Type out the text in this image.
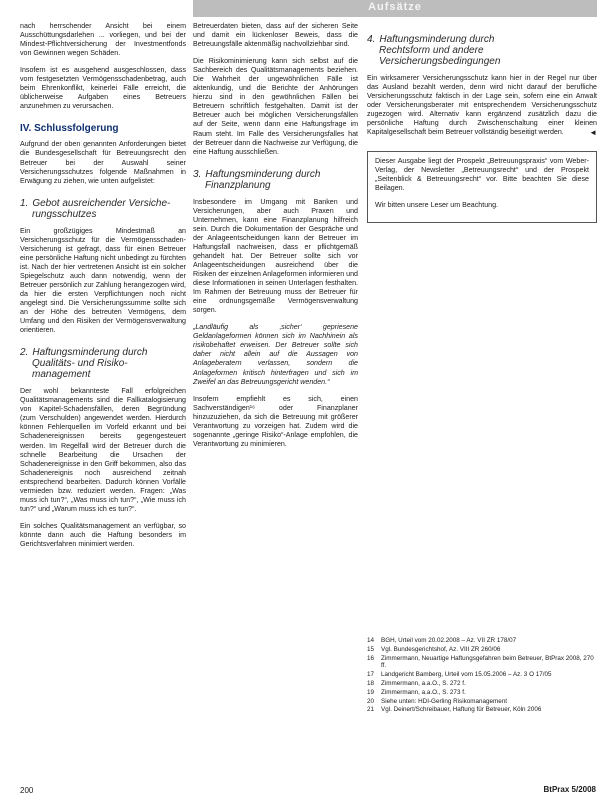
Aufsätze

nach herrschender Ansicht bei einem Ausschüttungsdarlehen ... vorliegen, und bei der Mindest-Pflichtversicherung der Investmentfonds von Gewinnen wegen Schäden.

Insofern ist es ausgehend ausgeschlossen, dass vom festgesetzten Vermögensschadenbetrag, auch beim Ehrenkonflikt, keinerlei Fälle erreicht, die üblicherweise Aufgaben eines Betreuers anzunehmen zu verursachen.

IV. Schlussfolgerung

Aufgrund der oben genannten Anforderungen bietet die Bundesgesellschaft für Betreuungsrecht den Betreuer bei der Auswahl seiner Versicherungsschutzes folgende Maßnahmen in Erwägung zu ziehen, wie unten aufgelistet:

1. Gebot ausreichender Versiche-
rungsschutzes

Ein großzügiges Mindestmaß an Versicherungsschutz für die Vermögensschaden-Versicherung ist gefragt, dass für einen Betreuer eine persönliche Haftung nicht unbedingt zu fürchten ist. Nach der hier vertretenen Ansicht ist ein solcher Spiegelschutz auch dann notwendig, wenn der Betreuer persönlich zur Zahlung herangezogen wird, da hier die ersten Verpflichtungen noch nicht angelegt sind. Die Versicherungssumme sollte sich an der Höhe des betreuten Vermögens, dem Umfang und den Risiken der Vermögensverwaltung orientieren.

2. Haftungsminderung durch
Qualitäts- und Risiko-
management

Der wohl bekannteste Fall erfolgreichen Qualitätsmanagements sind die Fallkatalogisierung von Kapitel-Schadensfällen, deren Begründung (zum Verschulden) angewendet werden. Hierdurch können Fehlerquellen im Vorfeld erkannt und bei Schadenereignissen bereits gegengesteuert werden. Im Regelfall wird der Betreuer durch die schnelle Bearbeitung die Ursachen der Schadenereignisse in den Griff bekommen, also das Schadenereignis noch ausreichend zeitnah entsprechend bearbeiten. Dadurch können Vorfälle vermieden bzw. reduziert werden. Fragen: „Was muss ich tun?“, „Was muss ich tun?“, „Wie muss ich tun?“ und „Warum muss ich es tun?“.

Ein solches Qualitätsmanagement an verfügbar, so könnte dann auch die Haftung besonders im Gerichtsverfahren minimiert werden.

Betreuerdaten bieten, dass auf der sicheren Seite und damit ein lückenloser Beweis, dass die Betreuungsfälle aktenmäßig nachvollziehbar sind.

Die Risikominimierung kann sich selbst auf die Sachbereich des Qualitätsmanagements beziehen. Die Wahrheit der ungewöhnlichen Fälle ist aktenkundig, und die Berichte der Anhörungen hierzu sind in den gewöhnlichen Fällen bei Betreuern schriftlich festgehalten. Damit ist der Betreuer auch bei möglichen Versicherungsfällen auf der Seite, wenn dann eine Haftungsfrage im Raum steht. Im Falle des Versicherungsfalles hat der Betreuer dann die Nachweise zur Verfügung, die eine Haftung ausschließen.

3. Haftungsminderung durch
Finanzplanung

Insbesondere im Umgang mit Banken und Versicherungen, aber auch Praxen und Unternehmen, kann eine Finanzplanung hilfreich sein. Durch die Dokumentation der Gespräche und der Anlageentscheidungen kann der Betreuer im Haftungsfall nachweisen, dass er pflichtgemäß gehandelt hat. Der Betreuer sollte sich vor Anlageentscheidungen ausreichend über die Risiken der einzelnen Anlageformen informieren und diese Informationen in seinen Unterlagen festhalten. Im Rahmen der Betreuung muss der Betreuer für eine ordnungsgemäße Vermögensverwaltung sorgen.

„Landläufig als ‚sicher‘ gepriesene Geldanlageformen können sich im Nachhinein als risikobehaftet erweisen. Der Betreuer sollte sich daher nicht allein auf die Aussagen von Anlageberatern verlassen, sondern die Anlageformen kritisch hinterfragen und sich im Zweifel an das Betreuungsgericht wenden.“

Insofern empfiehlt es sich, einen Sachverständigen¹⁶ oder Finanzplaner hinzuzuziehen, da sich die Betreuung mit größerer Verantwortung zu vorzeigen hat. Zudem wird die sogenannte „geringe Risiko“-Anlage empfohlen, die Verantwortung zu minimieren.

4. Haftungsminderung durch
Rechtsform und andere
Versicherungsbedingungen

Ein wirksamerer Versicherungsschutz kann hier in der Regel nur über das Ausland bezahlt werden, denn wird nicht darauf der berufliche Versicherungsschutz faktisch in der Lage sein, sofern eine ein Anwalt oder Versicherungsberater mit entsprechendem Versicherungsschutz zugezogen wird. Alternativ kann ergänzend zusätzlich dazu die persönliche Haftung durch Zwischenschaltung einer kleinen Kapitalgesellschaft beim Betreuer vollständig beseitigt werden.	◄

Dieser Ausgabe liegt der Prospekt „Betreuungspraxis“ vom Weber-Verlag, der Newsletter „Betreuungsrecht“ und der Prospekt „Seitenblick & Betreuungsrecht“ vor. Bitte beachten Sie diese Beilagen.

Wir bitten unsere Leser um Beachtung.

14	BGH, Urteil vom 20.02.2008 – Az. VII ZR 178/07
15	Vgl. Bundesgerichtshof, Az. VIII ZR 260/06
16	Zimmermann, Neuartige Haftungsgefahren beim Betreuer, BtPrax 2008, 270 ff.
17	Landgericht Bamberg, Urteil vom 15.05.2006 – Az. 3 O 17/05
18	Zimmermann, a.a.O., S. 272 f.
19	Zimmermann, a.a.O., S. 273 f.
20	Siehe unten: HDI-Gerling Risikomanagement
21	Vgl. Deinert/Schreibauer, Haftung für Betreuer, Köln 2006
200	BtPrax 5/2008
